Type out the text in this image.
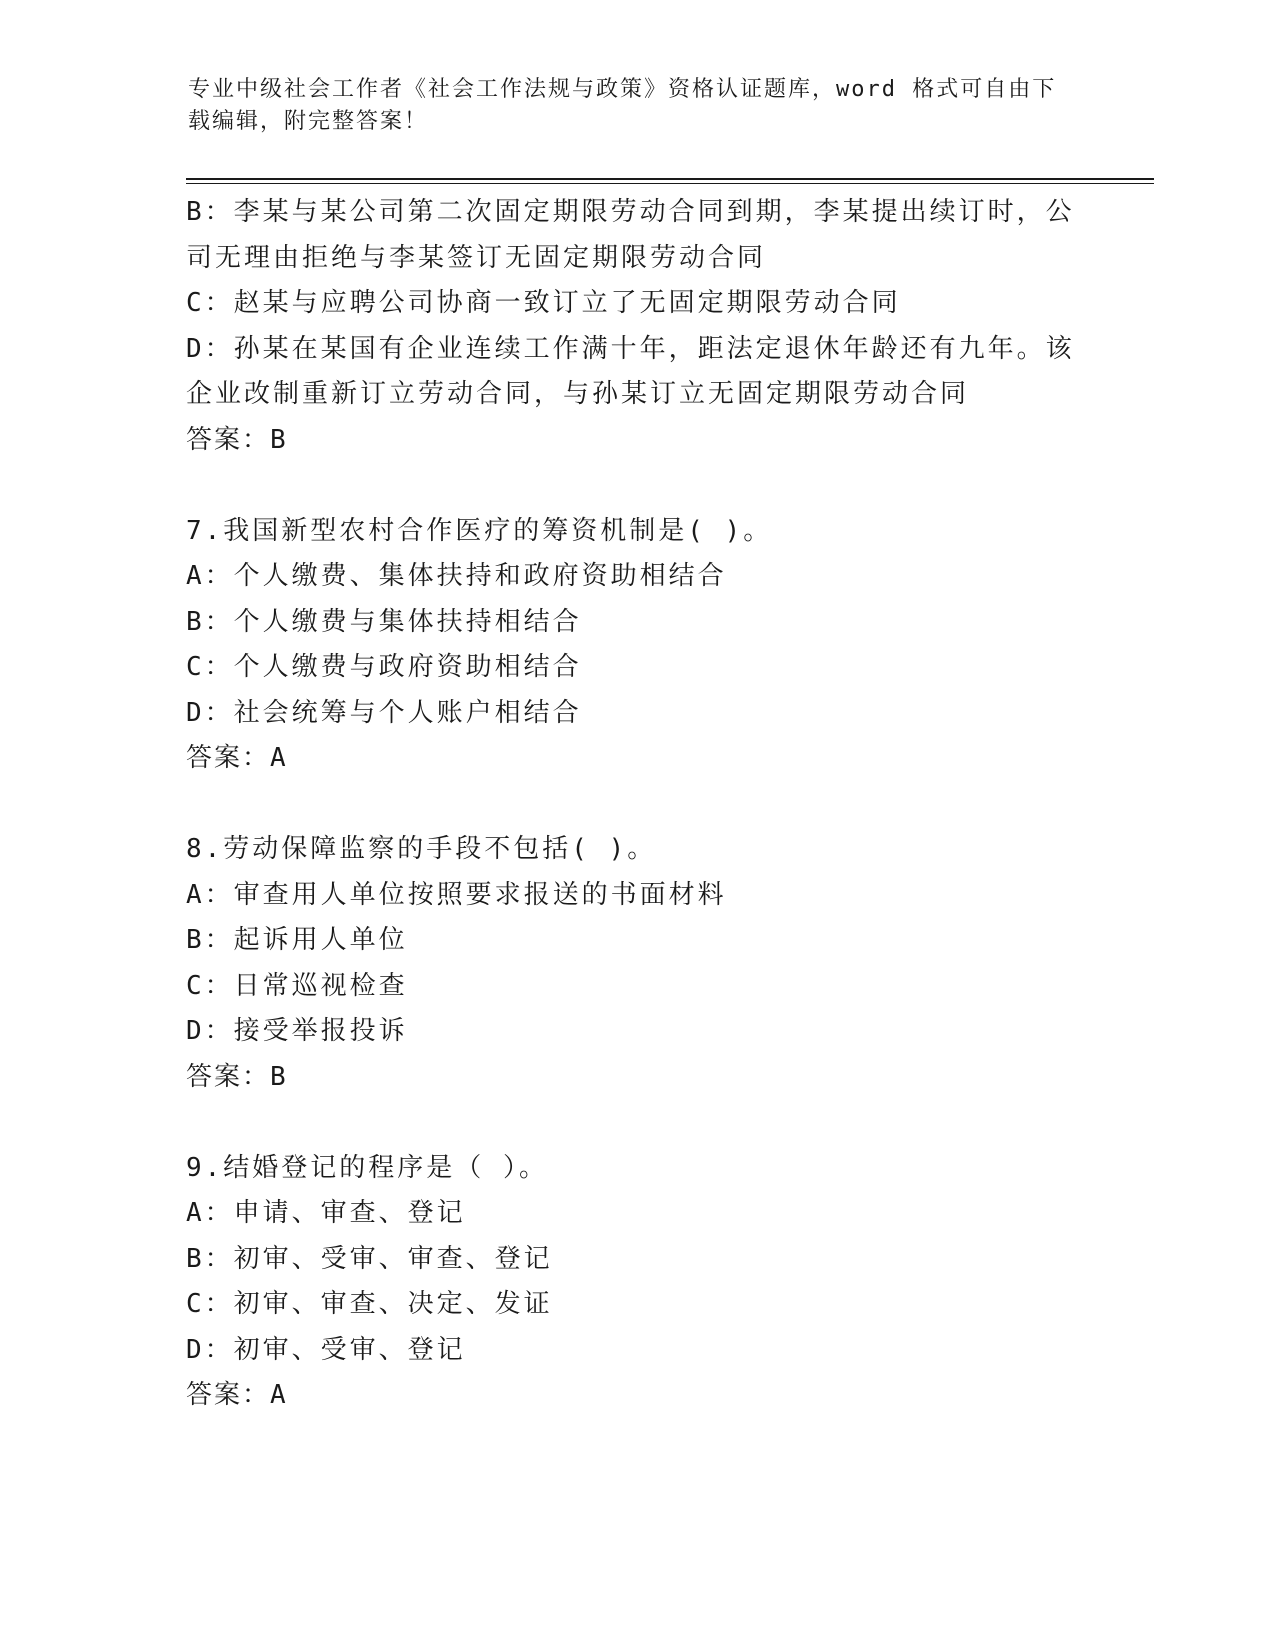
专业中级社会工作者《社会工作法规与政策》资格认证题库，word 格式可自由下
载编辑，附完整答案！
B：李某与某公司第二次固定期限劳动合同到期，李某提出续订时，公
司无理由拒绝与李某签订无固定期限劳动合同
C：赵某与应聘公司协商一致订立了无固定期限劳动合同
D：孙某在某国有企业连续工作满十年，距法定退休年龄还有九年。该
企业改制重新订立劳动合同，与孙某订立无固定期限劳动合同
答案：B
7.我国新型农村合作医疗的筹资机制是( )。
A：个人缴费、集体扶持和政府资助相结合
B：个人缴费与集体扶持相结合
C：个人缴费与政府资助相结合
D：社会统筹与个人账户相结合
答案：A
8.劳动保障监察的手段不包括( )。
A：审查用人单位按照要求报送的书面材料
B：起诉用人单位
C：日常巡视检查
D：接受举报投诉
答案：B
9.结婚登记的程序是（ ）。
A：申请、审查、登记
B：初审、受审、审查、登记
C：初审、审查、决定、发证
D：初审、受审、登记
答案：A
